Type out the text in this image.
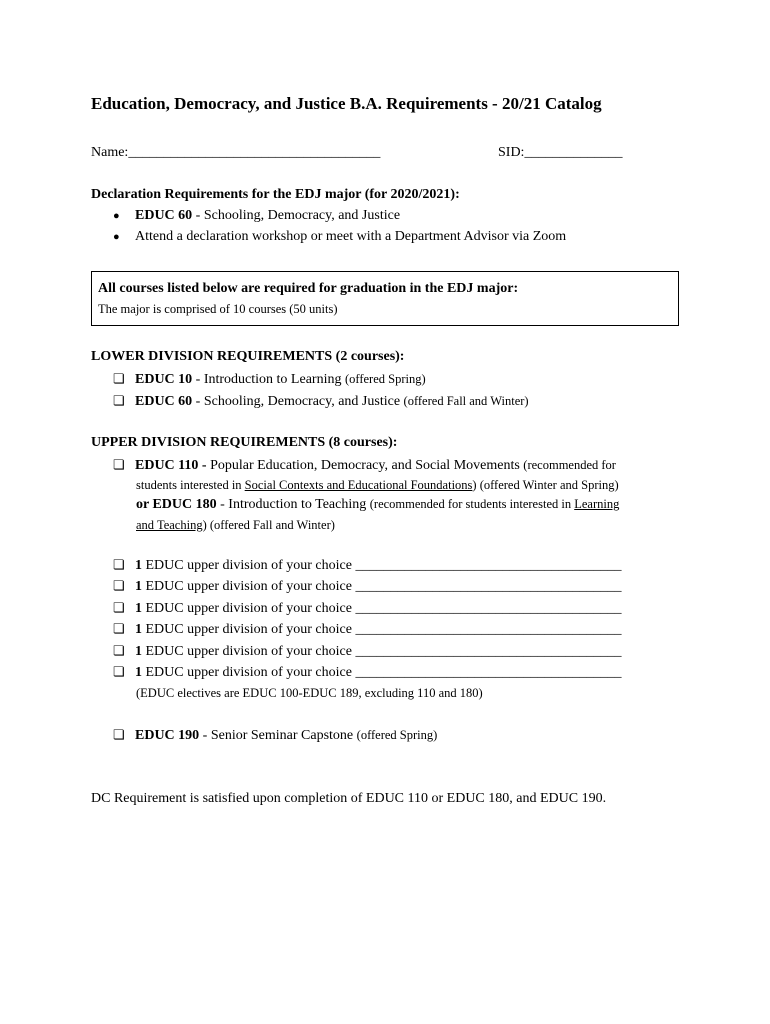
Education, Democracy, and Justice B.A. Requirements - 20/21 Catalog
Name:____________________________________	SID:______________
Declaration Requirements for the EDJ major (for 2020/2021):
● EDUC 60 - Schooling, Democracy, and Justice
● Attend a declaration workshop or meet with a Department Advisor via Zoom
All courses listed below are required for graduation in the EDJ major:
The major is comprised of 10 courses (50 units)
LOWER DIVISION REQUIREMENTS (2 courses):
❏ EDUC 10 - Introduction to Learning (offered Spring)
❏ EDUC 60 - Schooling, Democracy, and Justice (offered Fall and Winter)
UPPER DIVISION REQUIREMENTS (8 courses):
❏ EDUC 110 - Popular Education, Democracy, and Social Movements (recommended for
students interested in Social Contexts and Educational Foundations) (offered Winter and Spring)
or EDUC 180 - Introduction to Teaching (recommended for students interested in Learning
and Teaching) (offered Fall and Winter)
❏ 1 EDUC upper division of your choice ______________________________________
❏ 1 EDUC upper division of your choice ______________________________________
❏ 1 EDUC upper division of your choice ______________________________________
❏ 1 EDUC upper division of your choice ______________________________________
❏ 1 EDUC upper division of your choice ______________________________________
❏ 1 EDUC upper division of your choice ______________________________________
(EDUC electives are EDUC 100-EDUC 189, excluding 110 and 180)
❏ EDUC 190 - Senior Seminar Capstone (offered Spring)
DC Requirement is satisfied upon completion of EDUC 110 or EDUC 180, and EDUC 190.
